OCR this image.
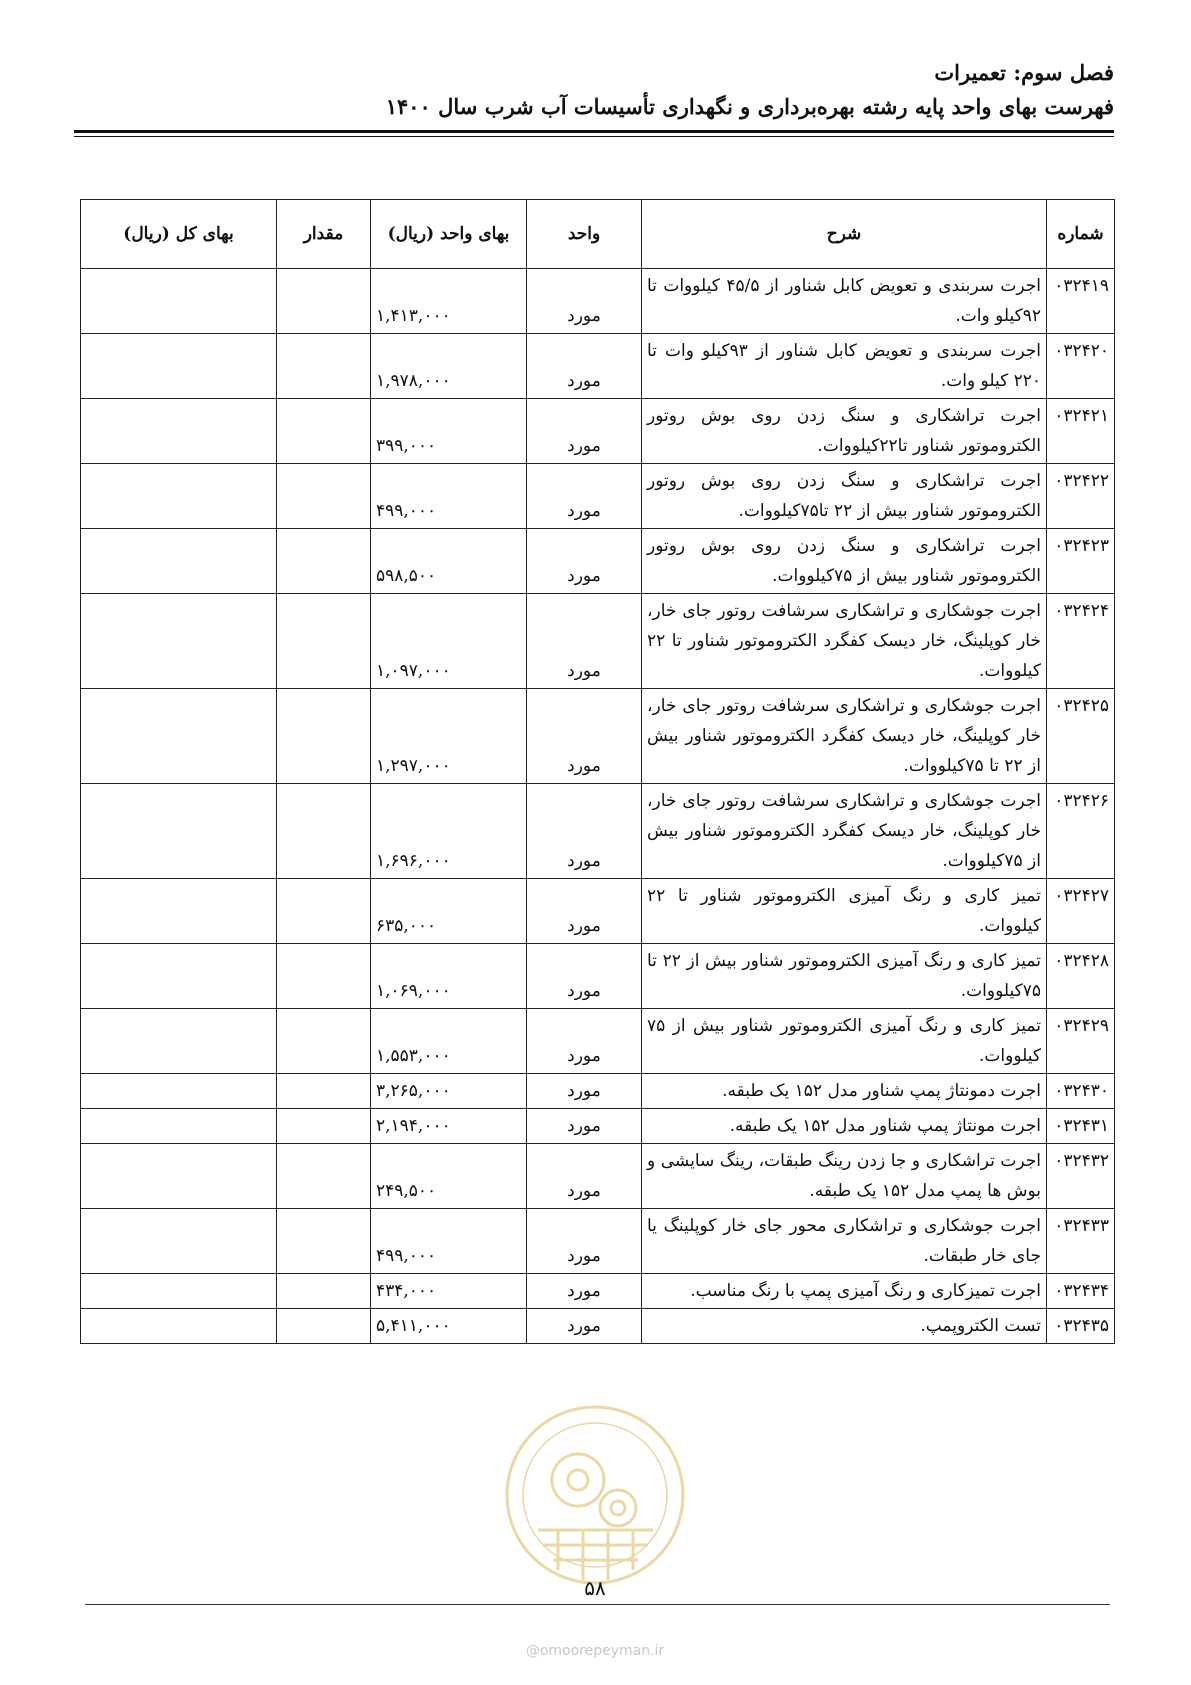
فصل سوم: تعمیرات
فهرست بهای واحد پایه رشته بهره‌برداری و نگهداری تأسیسات آب شرب سال ۱۴۰۰
شماره	شرح	واحد	بهای واحد (ریال)	مقدار	بهای کل (ریال)
۰۳۲۴۱۹	اجرت سربندی و تعویض کابل شناور از ۴۵/۵ کیلووات تا ۹۲کیلو وات.	مورد	۱,۴۱۳,۰۰۰		
۰۳۲۴۲۰	اجرت سربندی و تعویض کابل شناور از ۹۳کیلو وات تا ۲۲۰ کیلو وات.	مورد	۱,۹۷۸,۰۰۰		
۰۳۲۴۲۱	اجرت تراشکاری و سنگ زدن روی بوش روتور الکتروموتور شناور تا۲۲کیلووات.	مورد	۳۹۹,۰۰۰		
۰۳۲۴۲۲	اجرت تراشکاری و سنگ زدن روی بوش روتور الکتروموتور شناور بیش از ۲۲ تا۷۵کیلووات.	مورد	۴۹۹,۰۰۰		
۰۳۲۴۲۳	اجرت تراشکاری و سنگ زدن روی بوش روتور الکتروموتور شناور بیش از ۷۵کیلووات.	مورد	۵۹۸,۵۰۰		
۰۳۲۴۲۴	اجرت جوشکاری و تراشکاری سرشافت روتور جای خار، خار کوپلینگ، خار دیسک کفگرد الکتروموتور شناور تا ۲۲ کیلووات.	مورد	۱,۰۹۷,۰۰۰		
۰۳۲۴۲۵	اجرت جوشکاری و تراشکاری سرشافت روتور جای خار، خار کوپلینگ، خار دیسک کفگرد الکتروموتور شناور بیش از ۲۲ تا ۷۵کیلووات.	مورد	۱,۲۹۷,۰۰۰		
۰۳۲۴۲۶	اجرت جوشکاری و تراشکاری سرشافت روتور جای خار، خار کوپلینگ، خار دیسک کفگرد الکتروموتور شناور بیش از ۷۵کیلووات.	مورد	۱,۶۹۶,۰۰۰		
۰۳۲۴۲۷	تمیز کاری و رنگ آمیزی الکتروموتور شناور تا ۲۲ کیلووات.	مورد	۶۳۵,۰۰۰		
۰۳۲۴۲۸	تمیز کاری و رنگ آمیزی الکتروموتور شناور بیش از ۲۲ تا ۷۵کیلووات.	مورد	۱,۰۶۹,۰۰۰		
۰۳۲۴۲۹	تمیز کاری و رنگ آمیزی الکتروموتور شناور بیش از ۷۵ کیلووات.	مورد	۱,۵۵۳,۰۰۰		
۰۳۲۴۳۰	اجرت دمونتاژ پمپ شناور مدل ۱۵۲ یک طبقه.	مورد	۳,۲۶۵,۰۰۰		
۰۳۲۴۳۱	اجرت مونتاژ پمپ شناور مدل ۱۵۲ یک طبقه.	مورد	۲,۱۹۴,۰۰۰		
۰۳۲۴۳۲	اجرت تراشکاری و جا زدن رینگ طبقات، رینگ سایشی و بوش ها پمپ مدل ۱۵۲ یک طبقه.	مورد	۲۴۹,۵۰۰		
۰۳۲۴۳۳	اجرت جوشکاری و تراشکاری محور جای خار کوپلینگ یا جای خار طبقات.	مورد	۴۹۹,۰۰۰		
۰۳۲۴۳۴	اجرت تمیزکاری و رنگ آمیزی پمپ با رنگ مناسب.	مورد	۴۳۴,۰۰۰		
۰۳۲۴۳۵	تست الکتروپمپ.	مورد	۵,۴۱۱,۰۰۰		
۵۸
@omoorepeyman.ir
